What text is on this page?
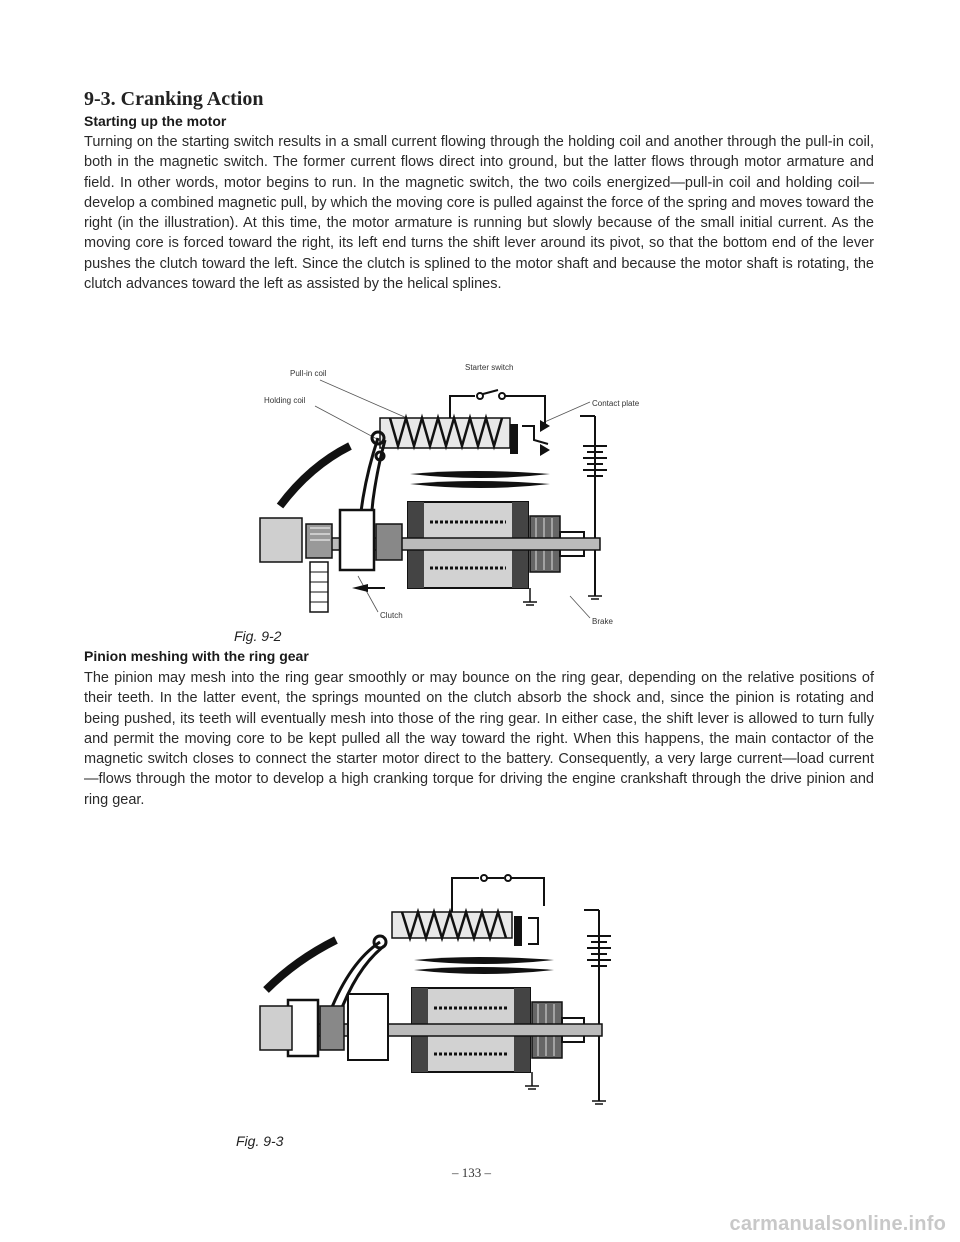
9-3. Cranking Action
Starting up the motor

Turning on the starting switch results in a small current flowing through the holding coil and another through the pull-in coil, both in the magnetic switch. The former current flows direct into ground, but the latter flows through motor armature and field. In other words, motor begins to run. In the magnetic switch, the two coils energized—pull-in coil and holding coil—develop a combined magnetic pull, by which the moving core is pulled against the force of the spring and moves toward the right (in the illustration). At this time, the motor armature is running but slowly because of the small initial current. As the moving core is forced toward the right, its left end turns the shift lever around its pivot, so that the bottom end of the lever pushes the clutch toward the left. Since the clutch is splined to the motor shaft and because the motor shaft is rotating, the clutch advances toward the left as assisted by the helical splines.

Pull-in coil
Starter switch
Holding coil	Contact plate
Clutch
Brake
Fig. 9-2
Pinion meshing with the ring gear

The pinion may mesh into the ring gear smoothly or may bounce on the ring gear, depending on the relative positions of their teeth. In the latter event, the springs mounted on the clutch absorb the shock and, since the pinion is rotating and being pushed, its teeth will eventually mesh into those of the ring gear. In either case, the shift lever is allowed to turn fully and permit the moving core to be kept pulled all the way toward the right. When this happens, the main contactor of the magnetic switch closes to connect the starter motor direct to the battery. Consequently, a very large current—load current—flows through the motor to develop a high cranking torque for driving the engine crankshaft through the drive pinion and ring gear.

Fig. 9-3
– 133 –
carmanualsonline.info
